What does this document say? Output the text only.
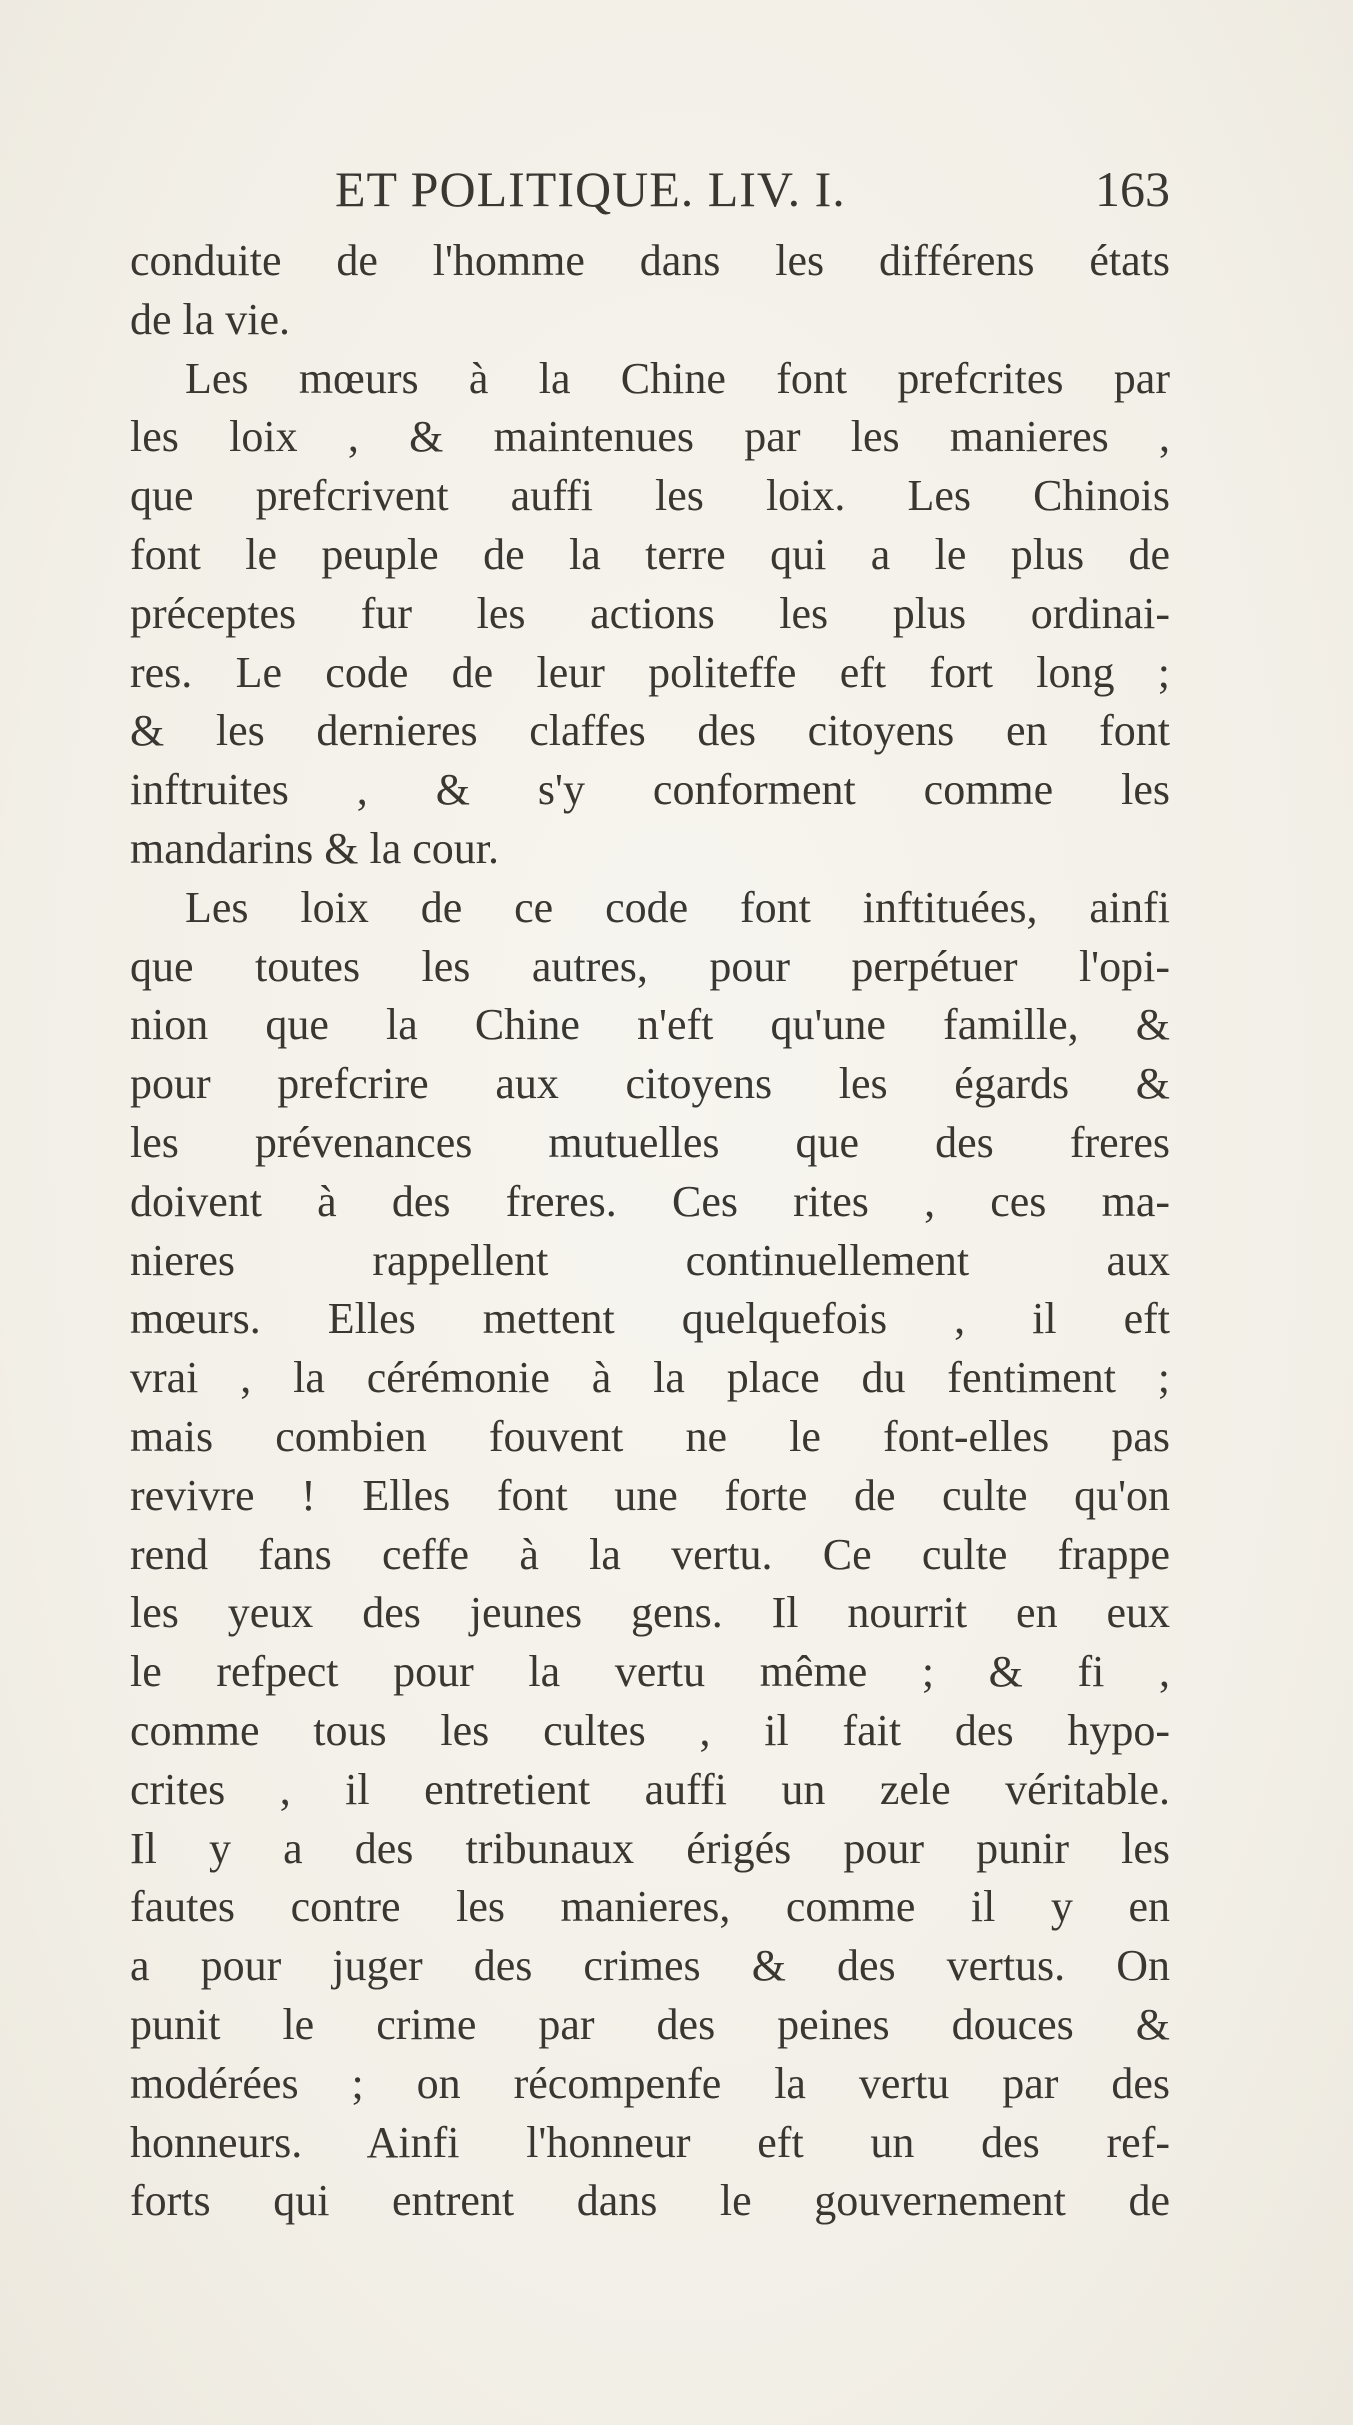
ET POLITIQUE. LIV. I.	163
conduite de l'homme dans les différens états
de la vie.
Les mœurs à la Chine font prefcrites par
les loix , & maintenues par les manieres ,
que prefcrivent auffi les loix. Les Chinois
font le peuple de la terre qui a le plus de
préceptes fur les actions les plus ordinai-
res. Le code de leur politeffe eft fort long ;
& les dernieres claffes des citoyens en font
inftruites , & s'y conforment comme les
mandarins & la cour.
Les loix de ce code font inftituées, ainfi
que toutes les autres, pour perpétuer l'opi-
nion que la Chine n'eft qu'une famille, &
pour prefcrire aux citoyens les égards &
les prévenances mutuelles que des freres
doivent à des freres. Ces rites , ces ma-
nieres rappellent continuellement aux
mœurs. Elles mettent quelquefois , il eft
vrai , la cérémonie à la place du fentiment ;
mais combien fouvent ne le font-elles pas
revivre ! Elles font une forte de culte qu'on
rend fans ceffe à la vertu. Ce culte frappe
les yeux des jeunes gens. Il nourrit en eux
le refpect pour la vertu même ; & fi ,
comme tous les cultes , il fait des hypo-
crites , il entretient auffi un zele véritable.
Il y a des tribunaux érigés pour punir les
fautes contre les manieres, comme il y en
a pour juger des crimes & des vertus. On
punit le crime par des peines douces &
modérées ; on récompenfe la vertu par des
honneurs. Ainfi l'honneur eft un des ref-
forts qui entrent dans le gouvernement de
